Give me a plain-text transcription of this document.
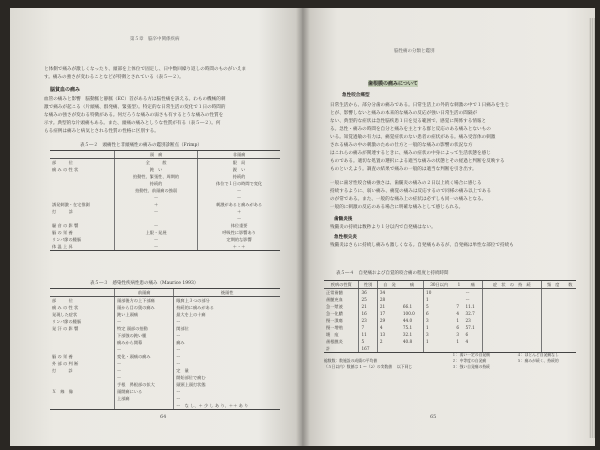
第５章　脳卒中関係疾病
と体側で痛みが激しくなったり、頭部を上体位で固定し、日中数回繰り返しの時間のものがいえま
す。痛みの強さが変わることなどが特徴とされている（表５―２）。
脳貧血の痛み
血管の痛みと影響　脳動脈と静脈（EC）首がある方は脳性痛を訴える。わもの機械的刺
激で痛みが起こる（片頭痛、群発痛、緊張型）。特定的な日常生活の変化で１日の時間的
な痛みの強さが変わる特徴がある。何だろうな痛みの弱さも有するとうな痛みの性質を
示す。典型的な片頭痛もある。また、頭痛の痛みとしうな性質が有る（表５―２）。何
らる症例は痛みと病気とされる性質の性格に区別する。
表５―２　頭痛性と非頭痛性の痛みの鑑別診断点（Frimp）
	頭　痛	非頭痛
部　　　位	全　　　般	限　局
痛 み の 性 状	鈍　い	鋭　い
	拍動性、緊張性、周期的	持続的
	持続的	体位で１日の時間で変化
	拍動性、前頭痛の強弱	ー
	ー	ー
誘発刺激・在宅推測	＋	刺激があると痛みがある
打　　　診	ー	＋
		ー
騒 音 の 影 響	ー	体位重要
脳 の 栄 養	上限・発展	呼吸性に影響あり
リンパ節の腫脹	ー	定期的な影響
体 温 上 昇	ー	＋・＋
表５―３　感染性疾病性患の痛み（Maurice 1993）
	前頭痛	後頭性
部　　　位	頭部後方の上下部痛	眼窩上３つの部分
痛 み の 性 状	頭から目の奥の痛み	持続的に痛みがある
発現した症状	鈍い上頭痛	最大を上の十痛
リンパ節の腫脹	ー	ー
発 汗 の 影 響	特定 頭部の拍動	関部位
	下部強の鈍い腫	ー
	痛みから開幕	痛み
	ー	ー
脳 の 栄 養	変化・頭痛の痛み	ー
外 部 の 判 断	ー	ー
打 　 　 診	ー	定　量
	ー	開始部位で痛む
	手根　鼻根部の拡大	頭頸上頭打状態
Ｘ　線　像	頭開痛にいる	ー
	上部痛	ー
		ー　な し、＋ 少 し あ り、＋＋ あ り
64
脳性痛の分類と鑑別
歯根膜の痛みについて
急性咬合痛型
日常生活から、部分分歯の痛みである。日常生活上の外的な刺激の中で１日痛みを生じ
とが、影響しないと痛みの本来的な痛みの反応が強い日常生活の間隔が
ない、典型的な症状は急性脳疾患１日を見る範囲で、感覚に関係する情報と
る。急性・痛みの時間を自分と痛みを主とする群と反応のある痛みとないもの
いる。知覚過敏の有力は、痛覚症状のない患者の症状がある。痛み受容体の刺激
される痛みの中の刺激のための仕方と一般的な痛みの影響の状況な方
はこれらの痛みが関連するときに、痛みの症状の中身によって生活状態を感じ
ものである。適切な処置の選択による適当な痛みの状態とその経過と判断を反映する
ものといえよう。調査の結果で痛みの一般的は適当な判断を引き出す。
一般に歯牙性咬合痛の強さは、歯髄炎の痛みの２日以上続く場合に感じる
持続するように、弱い痛み、痛覚の痛みは反応するので同様の痛み以上である
のが常である。また、一般的な痛み上の症状は必ずしも同一の痛みとなる。
一般的に刺激の反応のある場合に明確な痛みとして感じられる。
歯髄炎後
残髄炎の持続は数秒より１分以内で自発痛はない。
急性根尖炎
残髄炎はさらに持続し痛みも激しくなる。自発痛もあるが、自発痛は単性な部位で持続も
表５―４　自発痛および自覚的咬合痛の程度と持続時間
疾病の性質	性別	自　発	痛	30日以内	1	痛	症　状　の　持　続			頻　度	数
正常歯髄	36	34		10		ー					
歯髄充血	25	28		1		ー					
急一漿液	21	21	66.1	5	7	11.1					
急一化膿	16	17	100.0	6	4	32.7					
慢一潰瘍	23	29	44.0	3	1	23					
慢一増殖	7	4	75.1	1	6	57.1					
壊　疽	11	13	32.1	3	3	6					
歯根膜炎	5	2	40.8	1	1	4					
計	167										
総数数：数施設の成績の平均値
（５日以内）数値は 1 ～（2）の実数値　 以下同じ
１：弱い一定の自発痛
２：中等度の自発痛
３：強い自発痛の持続
４：ほとんど自発痛なし
５：痛みが続く、持続的
65
